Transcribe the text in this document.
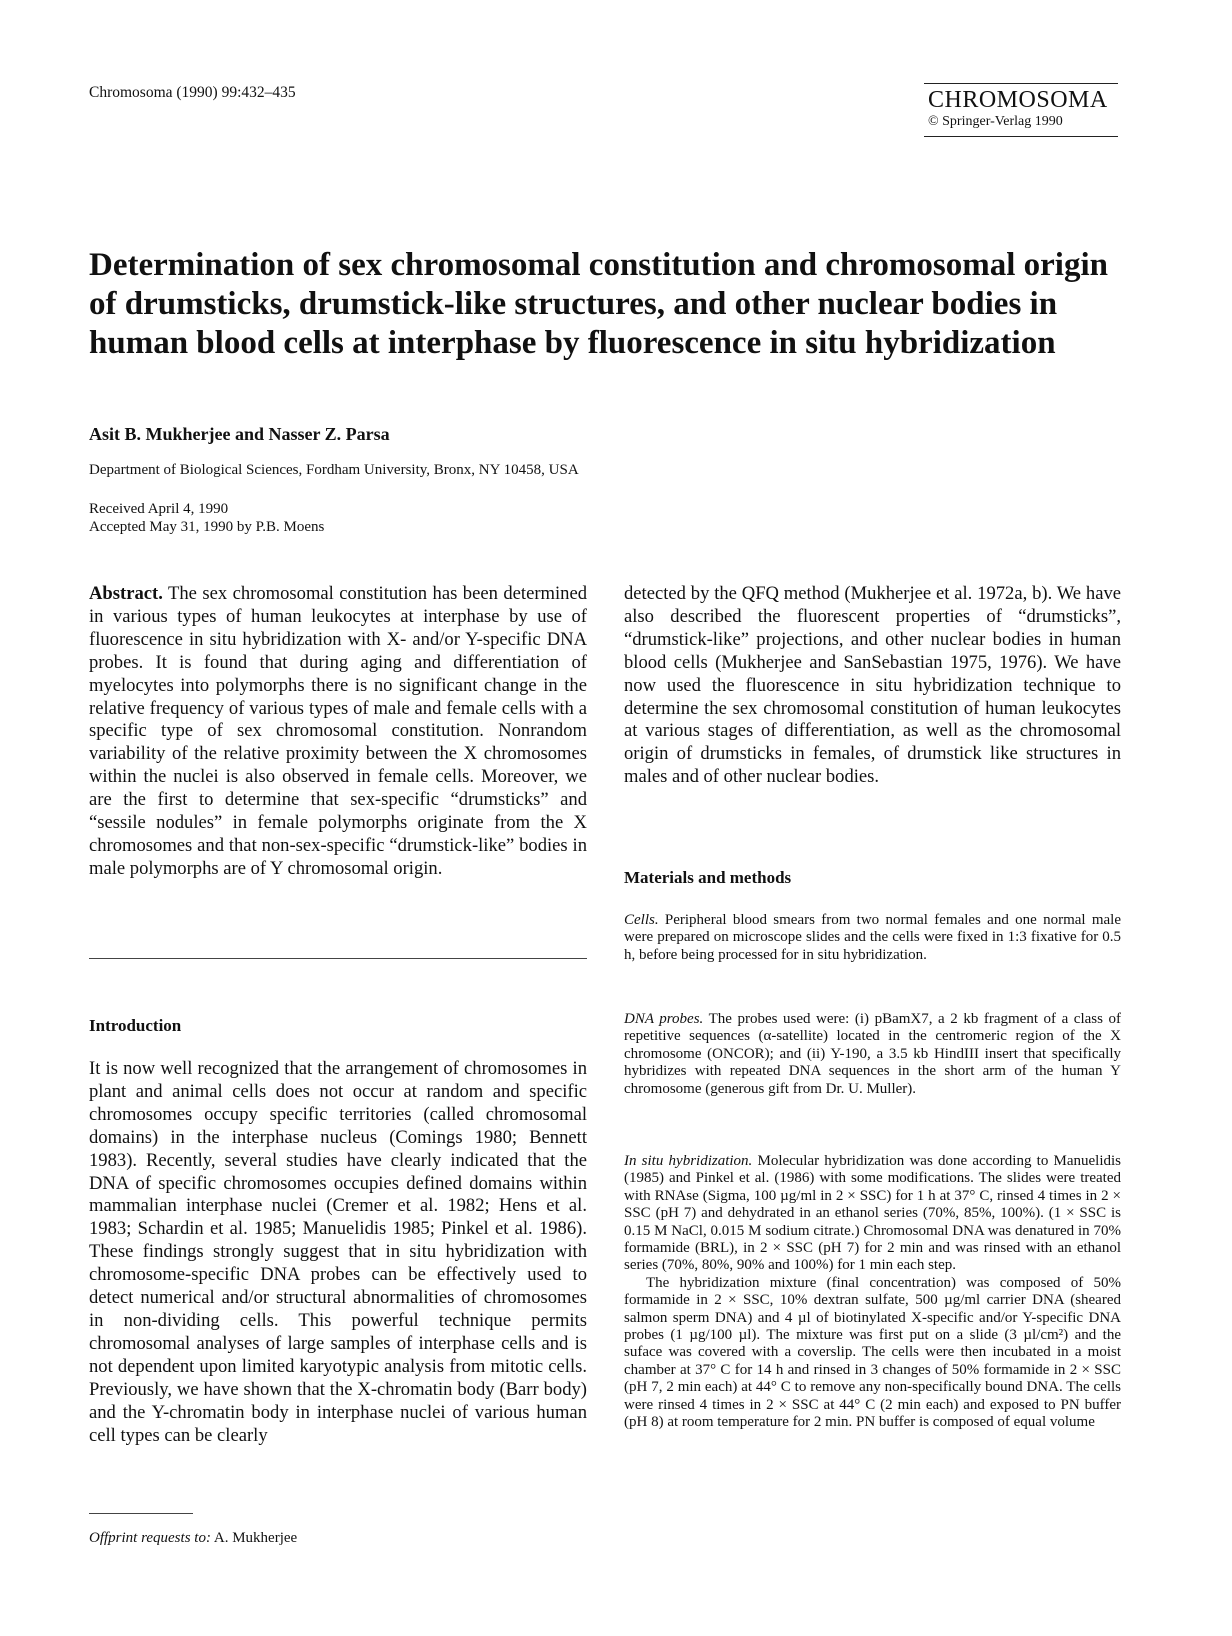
Chromosoma (1990) 99:432–435	CHROMOSOMA
© Springer-Verlag 1990
Determination of sex chromosomal constitution and chromosomal origin of drumsticks, drumstick-like structures, and other nuclear bodies in human blood cells at interphase by fluorescence in situ hybridization
Asit B. Mukherjee and Nasser Z. Parsa
Department of Biological Sciences, Fordham University, Bronx, NY 10458, USA
Received April 4, 1990
Accepted May 31, 1990 by P.B. Moens

Abstract. The sex chromosomal constitution has been determined in various types of human leukocytes at interphase by use of fluorescence in situ hybridization with X- and/or Y-specific DNA probes. It is found that during aging and differentiation of myelocytes into polymorphs there is no significant change in the relative frequency of various types of male and female cells with a specific type of sex chromosomal constitution. Nonrandom variability of the relative proximity between the X chromosomes within the nuclei is also observed in female cells. Moreover, we are the first to determine that sex-specific “drumsticks” and “sessile nodules” in female polymorphs originate from the X chromosomes and that non-sex-specific “drumstick-like” bodies in male polymorphs are of Y chromosomal origin.

Introduction

It is now well recognized that the arrangement of chromosomes in plant and animal cells does not occur at random and specific chromosomes occupy specific territories (called chromosomal domains) in the interphase nucleus (Comings 1980; Bennett 1983). Recently, several studies have clearly indicated that the DNA of specific chromosomes occupies defined domains within mammalian interphase nuclei (Cremer et al. 1982; Hens et al. 1983; Schardin et al. 1985; Manuelidis 1985; Pinkel et al. 1986). These findings strongly suggest that in situ hybridization with chromosome-specific DNA probes can be effectively used to detect numerical and/or structural abnormalities of chromosomes in non-dividing cells. This powerful technique permits chromosomal analyses of large samples of interphase cells and is not dependent upon limited karyotypic analysis from mitotic cells. Previously, we have shown that the X-chromatin body (Barr body) and the Y-chromatin body in interphase nuclei of various human cell types can be clearly

Offprint requests to: A. Mukherjee

detected by the QFQ method (Mukherjee et al. 1972a, b). We have also described the fluorescent properties of “drumsticks”, “drumstick-like” projections, and other nuclear bodies in human blood cells (Mukherjee and SanSebastian 1975, 1976). We have now used the fluorescence in situ hybridization technique to determine the sex chromosomal constitution of human leukocytes at various stages of differentiation, as well as the chromosomal origin of drumsticks in females, of drumstick like structures in males and of other nuclear bodies.

Materials and methods

Cells. Peripheral blood smears from two normal females and one normal male were prepared on microscope slides and the cells were fixed in 1:3 fixative for 0.5 h, before being processed for in situ hybridization.

DNA probes. The probes used were: (i) pBamX7, a 2 kb fragment of a class of repetitive sequences (α-satellite) located in the centromeric region of the X chromosome (ONCOR); and (ii) Y-190, a 3.5 kb HindIII insert that specifically hybridizes with repeated DNA sequences in the short arm of the human Y chromosome (generous gift from Dr. U. Muller).

In situ hybridization. Molecular hybridization was done according to Manuelidis (1985) and Pinkel et al. (1986) with some modifications. The slides were treated with RNAse (Sigma, 100 µg/ml in 2 × SSC) for 1 h at 37° C, rinsed 4 times in 2 × SSC (pH 7) and dehydrated in an ethanol series (70%, 85%, 100%). (1 × SSC is 0.15 M NaCl, 0.015 M sodium citrate.) Chromosomal DNA was denatured in 70% formamide (BRL), in 2 × SSC (pH 7) for 2 min and was rinsed with an ethanol series (70%, 80%, 90% and 100%) for 1 min each step.

The hybridization mixture (final concentration) was composed of 50% formamide in 2 × SSC, 10% dextran sulfate, 500 µg/ml carrier DNA (sheared salmon sperm DNA) and 4 µl of biotinylated X-specific and/or Y-specific DNA probes (1 µg/100 µl). The mixture was first put on a slide (3 µl/cm²) and the suface was covered with a coverslip. The cells were then incubated in a moist chamber at 37° C for 14 h and rinsed in 3 changes of 50% formamide in 2 × SSC (pH 7, 2 min each) at 44° C to remove any non-specifically bound DNA. The cells were rinsed 4 times in 2 × SSC at 44° C (2 min each) and exposed to PN buffer (pH 8) at room temperature for 2 min. PN buffer is composed of equal volume
